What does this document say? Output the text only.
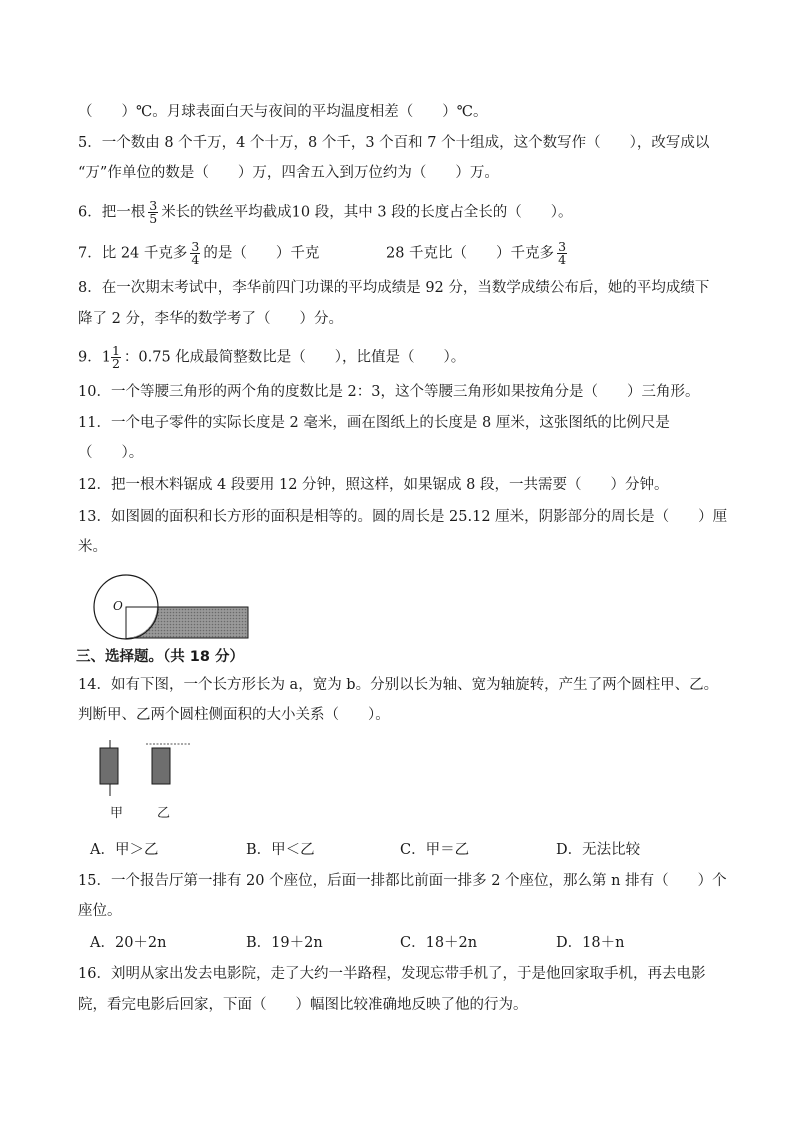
（　　）℃。月球表面白天与夜间的平均温度相差（　　）℃。
5．一个数由 8 个千万，4 个十万，8 个千，3 个百和 7 个十组成，这个数写作（　　），改写成以
“万”作单位的数是（　　）万，四舍五入到万位约为（　　）万。
6．把一根 $\frac{3}{5}$ 米长的铁丝平均截成10 段，其中 3 段的长度占全长的（　　）。
7．比 24 千克多 $\frac{3}{4}$ 的是（　　）千克	28 千克比（　　）千克多 $\frac{3}{4}$
8．在一次期末考试中，李华前四门功课的平均成绩是 92 分，当数学成绩公布后，她的平均成绩下
降了 2 分，李华的数学考了（　　）分。
9．$1 \frac{1}{2}$ ：0.75 化成最简整数比是（　　），比值是（　　）。
10．一个等腰三角形的两个角的度数比是 2：3，这个等腰三角形如果按角分是（　　）三角形。
11．一个电子零件的实际长度是 2 毫米，画在图纸上的长度是 8 厘米，这张图纸的比例尺是
（　　）。
12．把一根木料锯成 4 段要用 12 分钟，照这样，如果锯成 8 段，一共需要（　　）分钟。
13．如图圆的面积和长方形的面积是相等的。圆的周长是 25.12 厘米，阴影部分的周长是（　　）厘
米。
O
三、选择题。（共 18 分）
14．如有下图，一个长方形长为 a，宽为 b。分别以长为轴、宽为轴旋转，产生了两个圆柱甲、乙。
判断甲、乙两个圆柱侧面积的大小关系（　　）。
甲	乙
A．甲＞乙	B．甲＜乙	C．甲＝乙	D．无法比较
15．一个报告厅第一排有 20 个座位，后面一排都比前面一排多 2 个座位，那么第 n 排有（　　）个
座位。
A．20＋2n	B．19＋2n	C．18＋2n	D．18＋n
16．刘明从家出发去电影院，走了大约一半路程，发现忘带手机了，于是他回家取手机，再去电影
院，看完电影后回家，下面（　　）幅图比较准确地反映了他的行为。
